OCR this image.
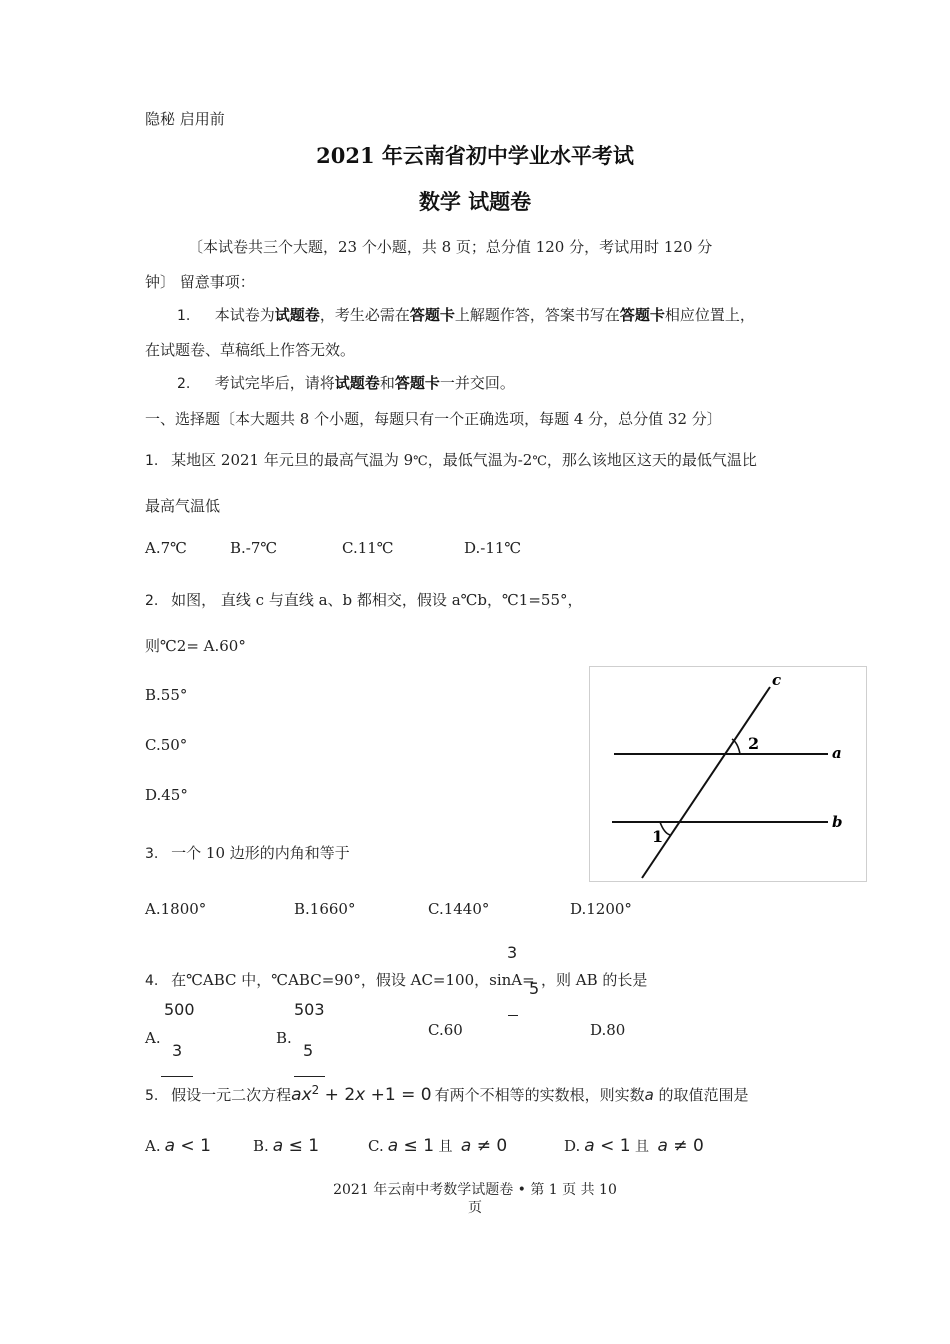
隐秘 启用前
2021 年云南省初中学业水平考试
数学 试题卷
〔本试卷共三个大题，23 个小题，共 8 页；总分值 120 分，考试用时 120 分
钟〕 留意事项：
1. 本试卷为试题卷，考生必需在答题卡上解题作答，答案书写在答题卡相应位置上，
在试题卷、草稿纸上作答无效。
2. 考试完毕后，请将试题卷和答题卡一并交回。
一、选择题〔本大题共 8 个小题，每题只有一个正确选项，每题 4 分，总分值 32 分〕
1. 某地区 2021 年元旦的最高气温为 9℃，最低气温为-2℃，那么该地区这天的最低气温比
最高气温低
A.7℃	B.-7℃	C.11℃	D.-11℃
2. 如图， 直线 c 与直线 a、b 都相交，假设 a℃b，℃1=55°，
则℃2= A.60°
B.55°
C.50°
D.45°
2
1
a
b
c
3. 一个 10 边形的内角和等于
A.1800°	B.1660°	C.1440°	D.1200°
3
4. 在℃ABC 中，℃ABC=90°，假设 AC=100，sinA=
5 ，则 AB 的长是
500	503
A.	B.	C.60	D.80
3	5
5. 假设一元二次方程$ax^2 + 2x +1 = 0$ 有两个不相等的实数根，则实数a 的取值范围是
A. a < 1	B. a ≤ 1	C. a ≤ 1 且 a ≠ 0	D. a < 1 且 a ≠ 0
2021 年云南中考数学试题卷 • 第 1 页 共 10
页
